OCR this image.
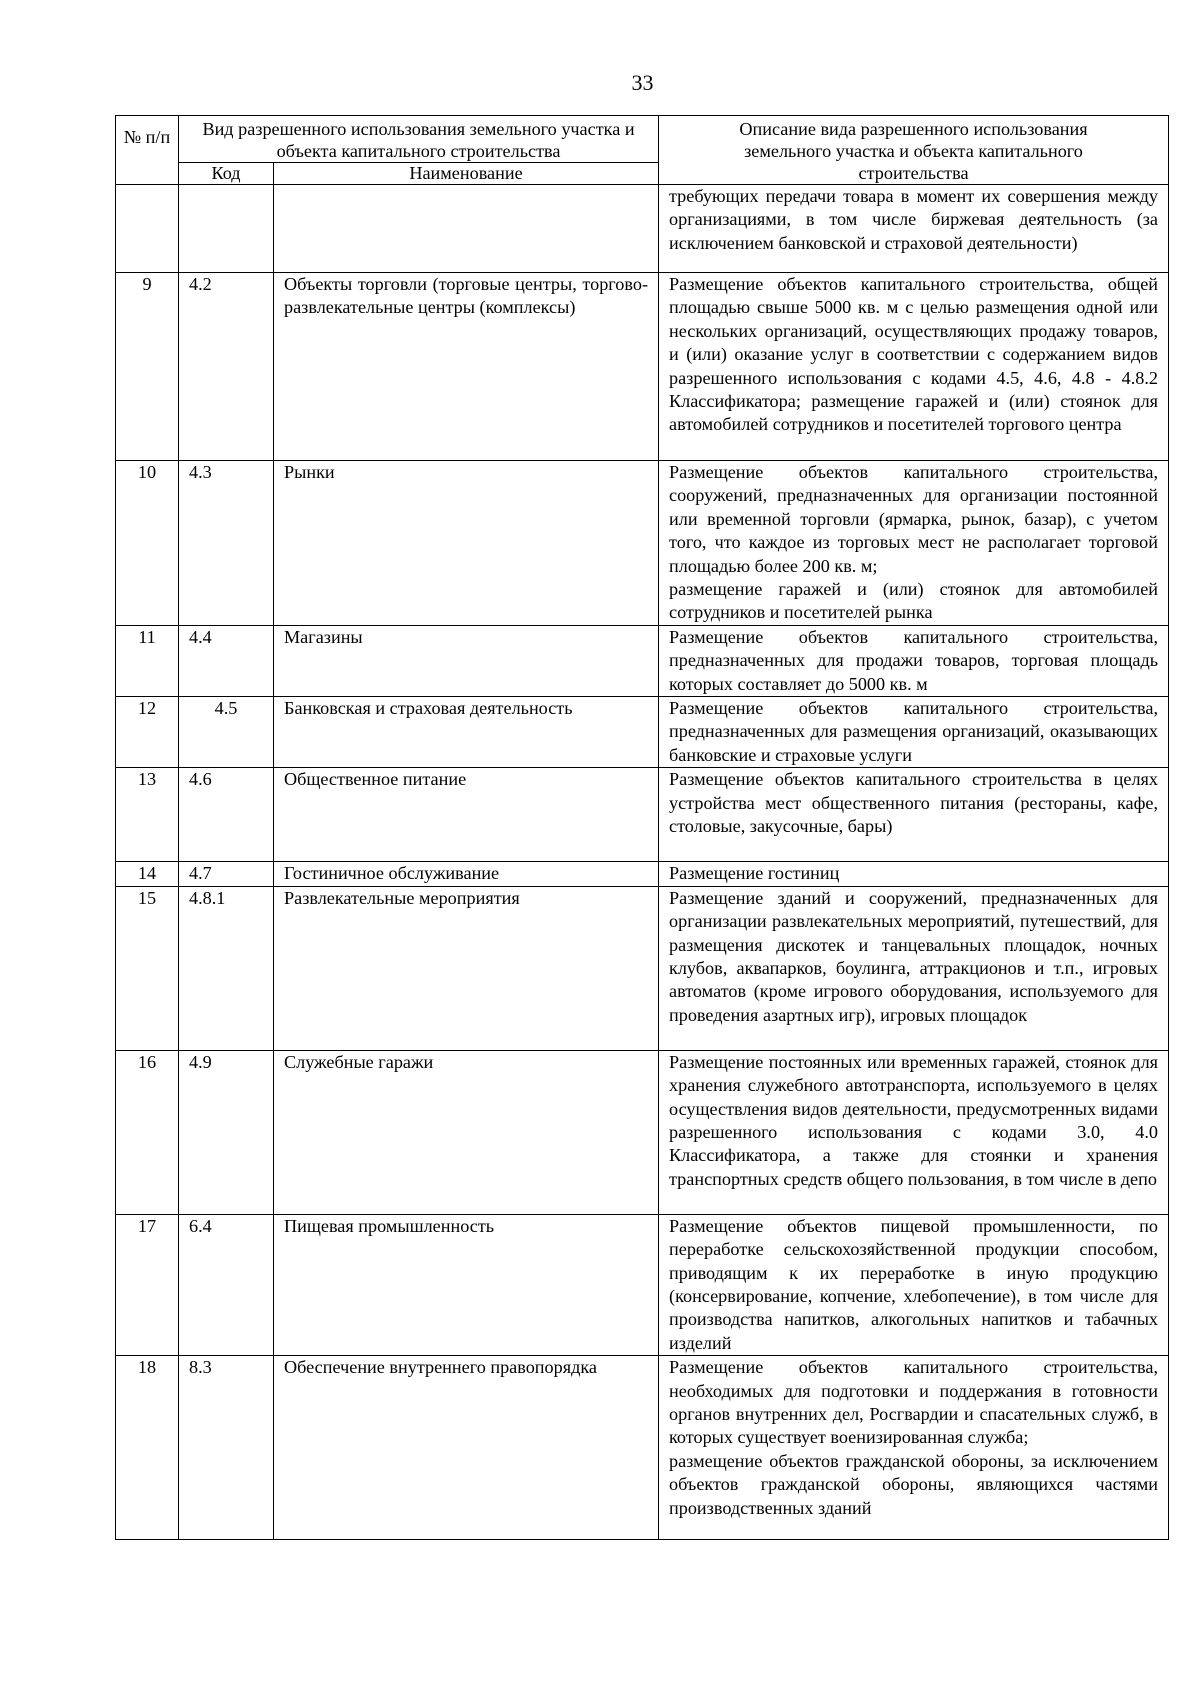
33
№ п/п	Вид разрешенного использования земельного участка и объекта капитального строительства		Описание вида разрешенного использования земельного участка и объекта капитального строительства
	Код	Наименование	
			требующих передачи товара в момент их совершения между организациями, в том числе биржевая деятельность (за исключением банковской и страховой деятельности)
9	4.2	Объекты торговли (торговые центры, торгово-развлекательные центры (комплексы)	Размещение объектов капитального строительства, общей площадью свыше 5000 кв. м с целью размещения одной или нескольких организаций, осуществляющих продажу товаров, и (или) оказание услуг в соответствии с содержанием видов разрешенного использования с кодами 4.5, 4.6, 4.8 - 4.8.2 Классификатора; размещение гаражей и (или) стоянок для автомобилей сотрудников и посетителей торгового центра
10	4.3	Рынки	Размещение объектов капитального строительства, сооружений, предназначенных для организации постоянной или временной торговли (ярмарка, рынок, базар), с учетом того, что каждое из торговых мест не располагает торговой площадью более 200 кв. м;
размещение гаражей и (или) стоянок для автомобилей сотрудников и посетителей рынка
11	4.4	Магазины	Размещение объектов капитального строительства, предназначенных для продажи товаров, торговая площадь которых составляет до 5000 кв. м
12	4.5	Банковская и страховая деятельность	Размещение объектов капитального строительства, предназначенных для размещения организаций, оказывающих банковские и страховые услуги
13	4.6	Общественное питание	Размещение объектов капитального строительства в целях устройства мест общественного питания (рестораны, кафе, столовые, закусочные, бары)
14	4.7	Гостиничное обслуживание	Размещение гостиниц
15	4.8.1	Развлекательные мероприятия	Размещение зданий и сооружений, предназначенных для организации развлекательных мероприятий, путешествий, для размещения дискотек и танцевальных площадок, ночных клубов, аквапарков, боулинга, аттракционов и т.п., игровых автоматов (кроме игрового оборудования, используемого для проведения азартных игр), игровых площадок
16	4.9	Служебные гаражи	Размещение постоянных или временных гаражей, стоянок для хранения служебного автотранспорта, используемого в целях осуществления видов деятельности, предусмотренных видами разрешенного использования с кодами 3.0, 4.0 Классификатора, а также для стоянки и хранения транспортных средств общего пользования, в том числе в депо
17	6.4	Пищевая промышленность	Размещение объектов пищевой промышленности, по переработке сельскохозяйственной продукции способом, приводящим к их переработке в иную продукцию (консервирование, копчение, хлебопечение), в том числе для производства напитков, алкогольных напитков и табачных изделий
18	8.3	Обеспечение внутреннего правопорядка	Размещение объектов капитального строительства, необходимых для подготовки и поддержания в готовности органов внутренних дел, Росгвардии и спасательных служб, в которых существует военизированная служба;
размещение объектов гражданской обороны, за исключением объектов гражданской обороны, являющихся частями производственных зданий
